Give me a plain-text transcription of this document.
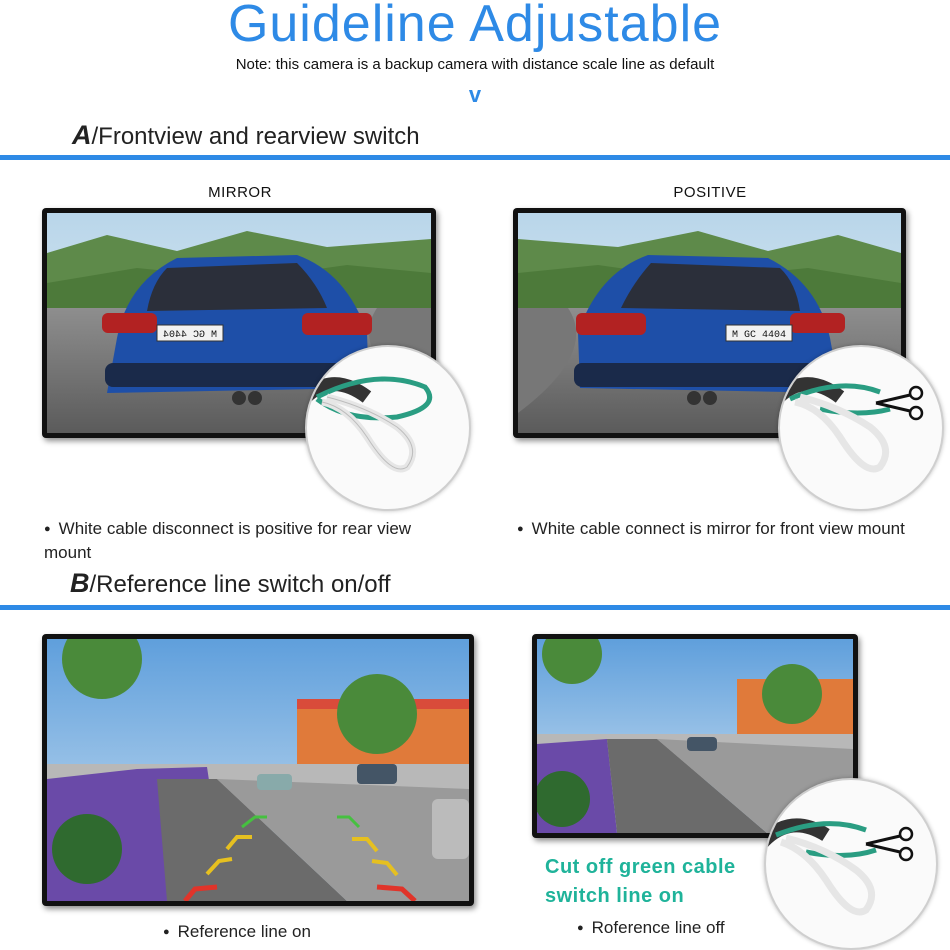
Guideline Adjustable
Note: this camera is a backup camera with distance scale line as default
v
A/Frontview and rearview switch
MIRROR	POSITIVE
M GC 4404	M GC 4404
● White cable disconnect is positive for rear view mount
● White cable connect is mirror for front view mount
B/Reference line switch on/off
Cut off green cable
switch line on
● Reference line on	● Roference line off
